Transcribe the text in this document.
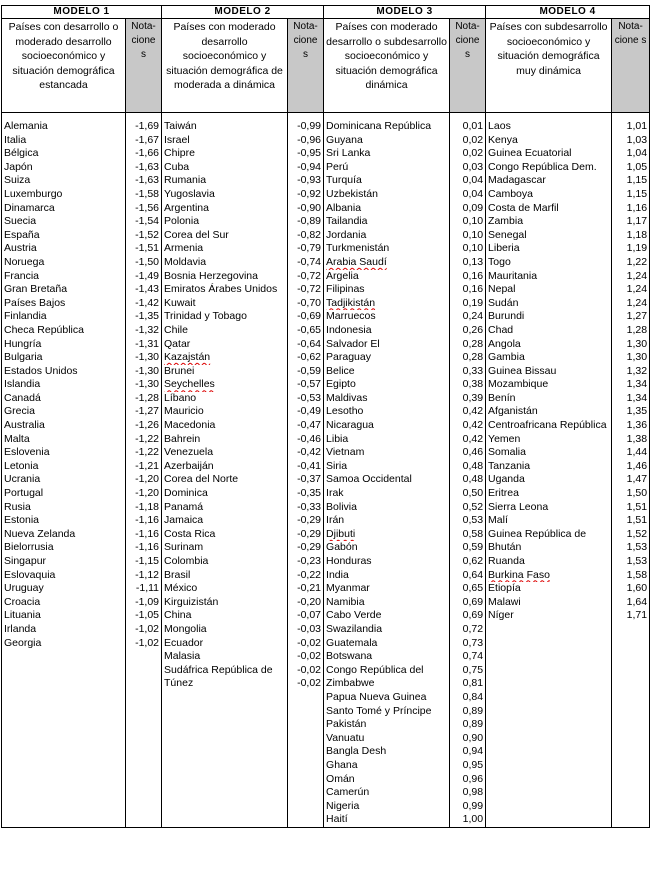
MODELO 1		MODELO 2		MODELO 3		MODELO 4	
Países con desarrollo o moderado desarrollo socioeconómico y situación demográfica estancada	Nota-cione s	Países con moderado desarrollo socioeconómico y situación demográfica de moderada a dinámica	Nota-cione s	Países con moderado desarrollo o subdesarrollo socioeconómico y situación demográfica dinámica	Nota-cione s	Países con subdesarrollo socioeconómico y situación demográfica muy dinámica	Nota-cione s

Alemania	-1,69	Taiwán	-0,99	Dominicana República	0,01	Laos	1,01
Italia	-1,67	Israel	-0,96	Guyana	0,02	Kenya	1,03
Bélgica	-1,66	Chipre	-0,95	Sri Lanka	0,02	Guinea Ecuatorial	1,04
Japón	-1,63	Cuba	-0,94	Perú	0,03	Congo República Dem.	1,05
Suiza	-1,63	Rumania	-0,93	Turquía	0,04	Madagascar	1,15
Luxemburgo	-1,58	Yugoslavia	-0,92	Uzbekistán	0,04	Camboya	1,15
Dinamarca	-1,56	Argentina	-0,90	Albania	0,09	Costa de Marfil	1,16
Suecia	-1,54	Polonia	-0,89	Tailandia	0,10	Zambia	1,17
España	-1,52	Corea del Sur	-0,82	Jordania	0,10	Senegal	1,18
Austria	-1,51	Armenia	-0,79	Turkmenistán	0,10	Liberia	1,19
Noruega	-1,50	Moldavia	-0,74	Arabia Saudí	0,13	Togo	1,22
Francia	-1,49	Bosnia Herzegovina	-0,72	Argelia	0,16	Mauritania	1,24
Gran Bretaña	-1,43	Emiratos Árabes Unidos	-0,72	Filipinas	0,16	Nepal	1,24
Países Bajos	-1,42	Kuwait	-0,70	Tadjikistán	0,19	Sudán	1,24
Finlandia	-1,35	Trinidad y Tobago	-0,69	Marruecos	0,24	Burundi	1,27
Checa República	-1,32	Chile	-0,65	Indonesia	0,26	Chad	1,28
Hungría	-1,31	Qatar	-0,64	Salvador El	0,28	Angola	1,30
Bulgaria	-1,30	Kazajstán	-0,62	Paraguay	0,28	Gambia	1,30
Estados Unidos	-1,30	Brunei	-0,59	Belice	0,33	Guinea Bissau	1,32
Islandia	-1,30	Seychelles	-0,57	Egipto	0,38	Mozambique	1,34
Canadá	-1,28	Líbano	-0,53	Maldivas	0,39	Benín	1,34
Grecia	-1,27	Mauricio	-0,49	Lesotho	0,42	Afganistán	1,35
Australia	-1,26	Macedonia	-0,47	Nicaragua	0,42	Centroafricana República	1,36
Malta	-1,22	Bahrein	-0,46	Libia	0,42	Yemen	1,38
Eslovenia	-1,22	Venezuela	-0,42	Vietnam	0,46	Somalia	1,44
Letonia	-1,21	Azerbaiján	-0,41	Siria	0,48	Tanzania	1,46
Ucrania	-1,20	Corea del Norte	-0,37	Samoa Occidental	0,48	Uganda	1,47
Portugal	-1,20	Dominica	-0,35	Irak	0,50	Eritrea	1,50
Rusia	-1,18	Panamá	-0,33	Bolivia	0,52	Sierra Leona	1,51
Estonia	-1,16	Jamaica	-0,29	Irán	0,53	Malí	1,51
Nueva Zelanda	-1,16	Costa Rica	-0,29	Djibuti	0,58	Guinea República de	1,52
Bielorrusia	-1,16	Surinam	-0,29	Gabón	0,59	Bhután	1,53
Singapur	-1,15	Colombia	-0,23	Honduras	0,62	Ruanda	1,53
Eslovaquia	-1,12	Brasil	-0,22	India	0,64	Burkina Faso	1,58
Uruguay	-1,11	México	-0,21	Myanmar	0,65	Etiopía	1,60
Croacia	-1,09	Kirguizistán	-0,20	Namibia	0,69	Malawi	1,64
Lituania	-1,05	China	-0,07	Cabo Verde	0,69	Níger	1,71
Irlanda	-1,02	Mongolia	-0,03	Swazilandia	0,72		
Georgia	-1,02	Ecuador	-0,02	Guatemala	0,73		
		Malasia	-0,02	Botswana	0,74		
		Sudáfrica República de	-0,02	Congo República del	0,75		
		Túnez	-0,02	Zimbabwe	0,81		
				Papua Nueva Guinea	0,84		
				Santo Tomé y Príncipe	0,89		
				Pakistán	0,89		
				Vanuatu	0,90		
				Bangla Desh	0,94		
				Ghana	0,95		
				Omán	0,96		
				Camerún	0,98		
				Nigeria	0,99		
				Haití	1,00		
